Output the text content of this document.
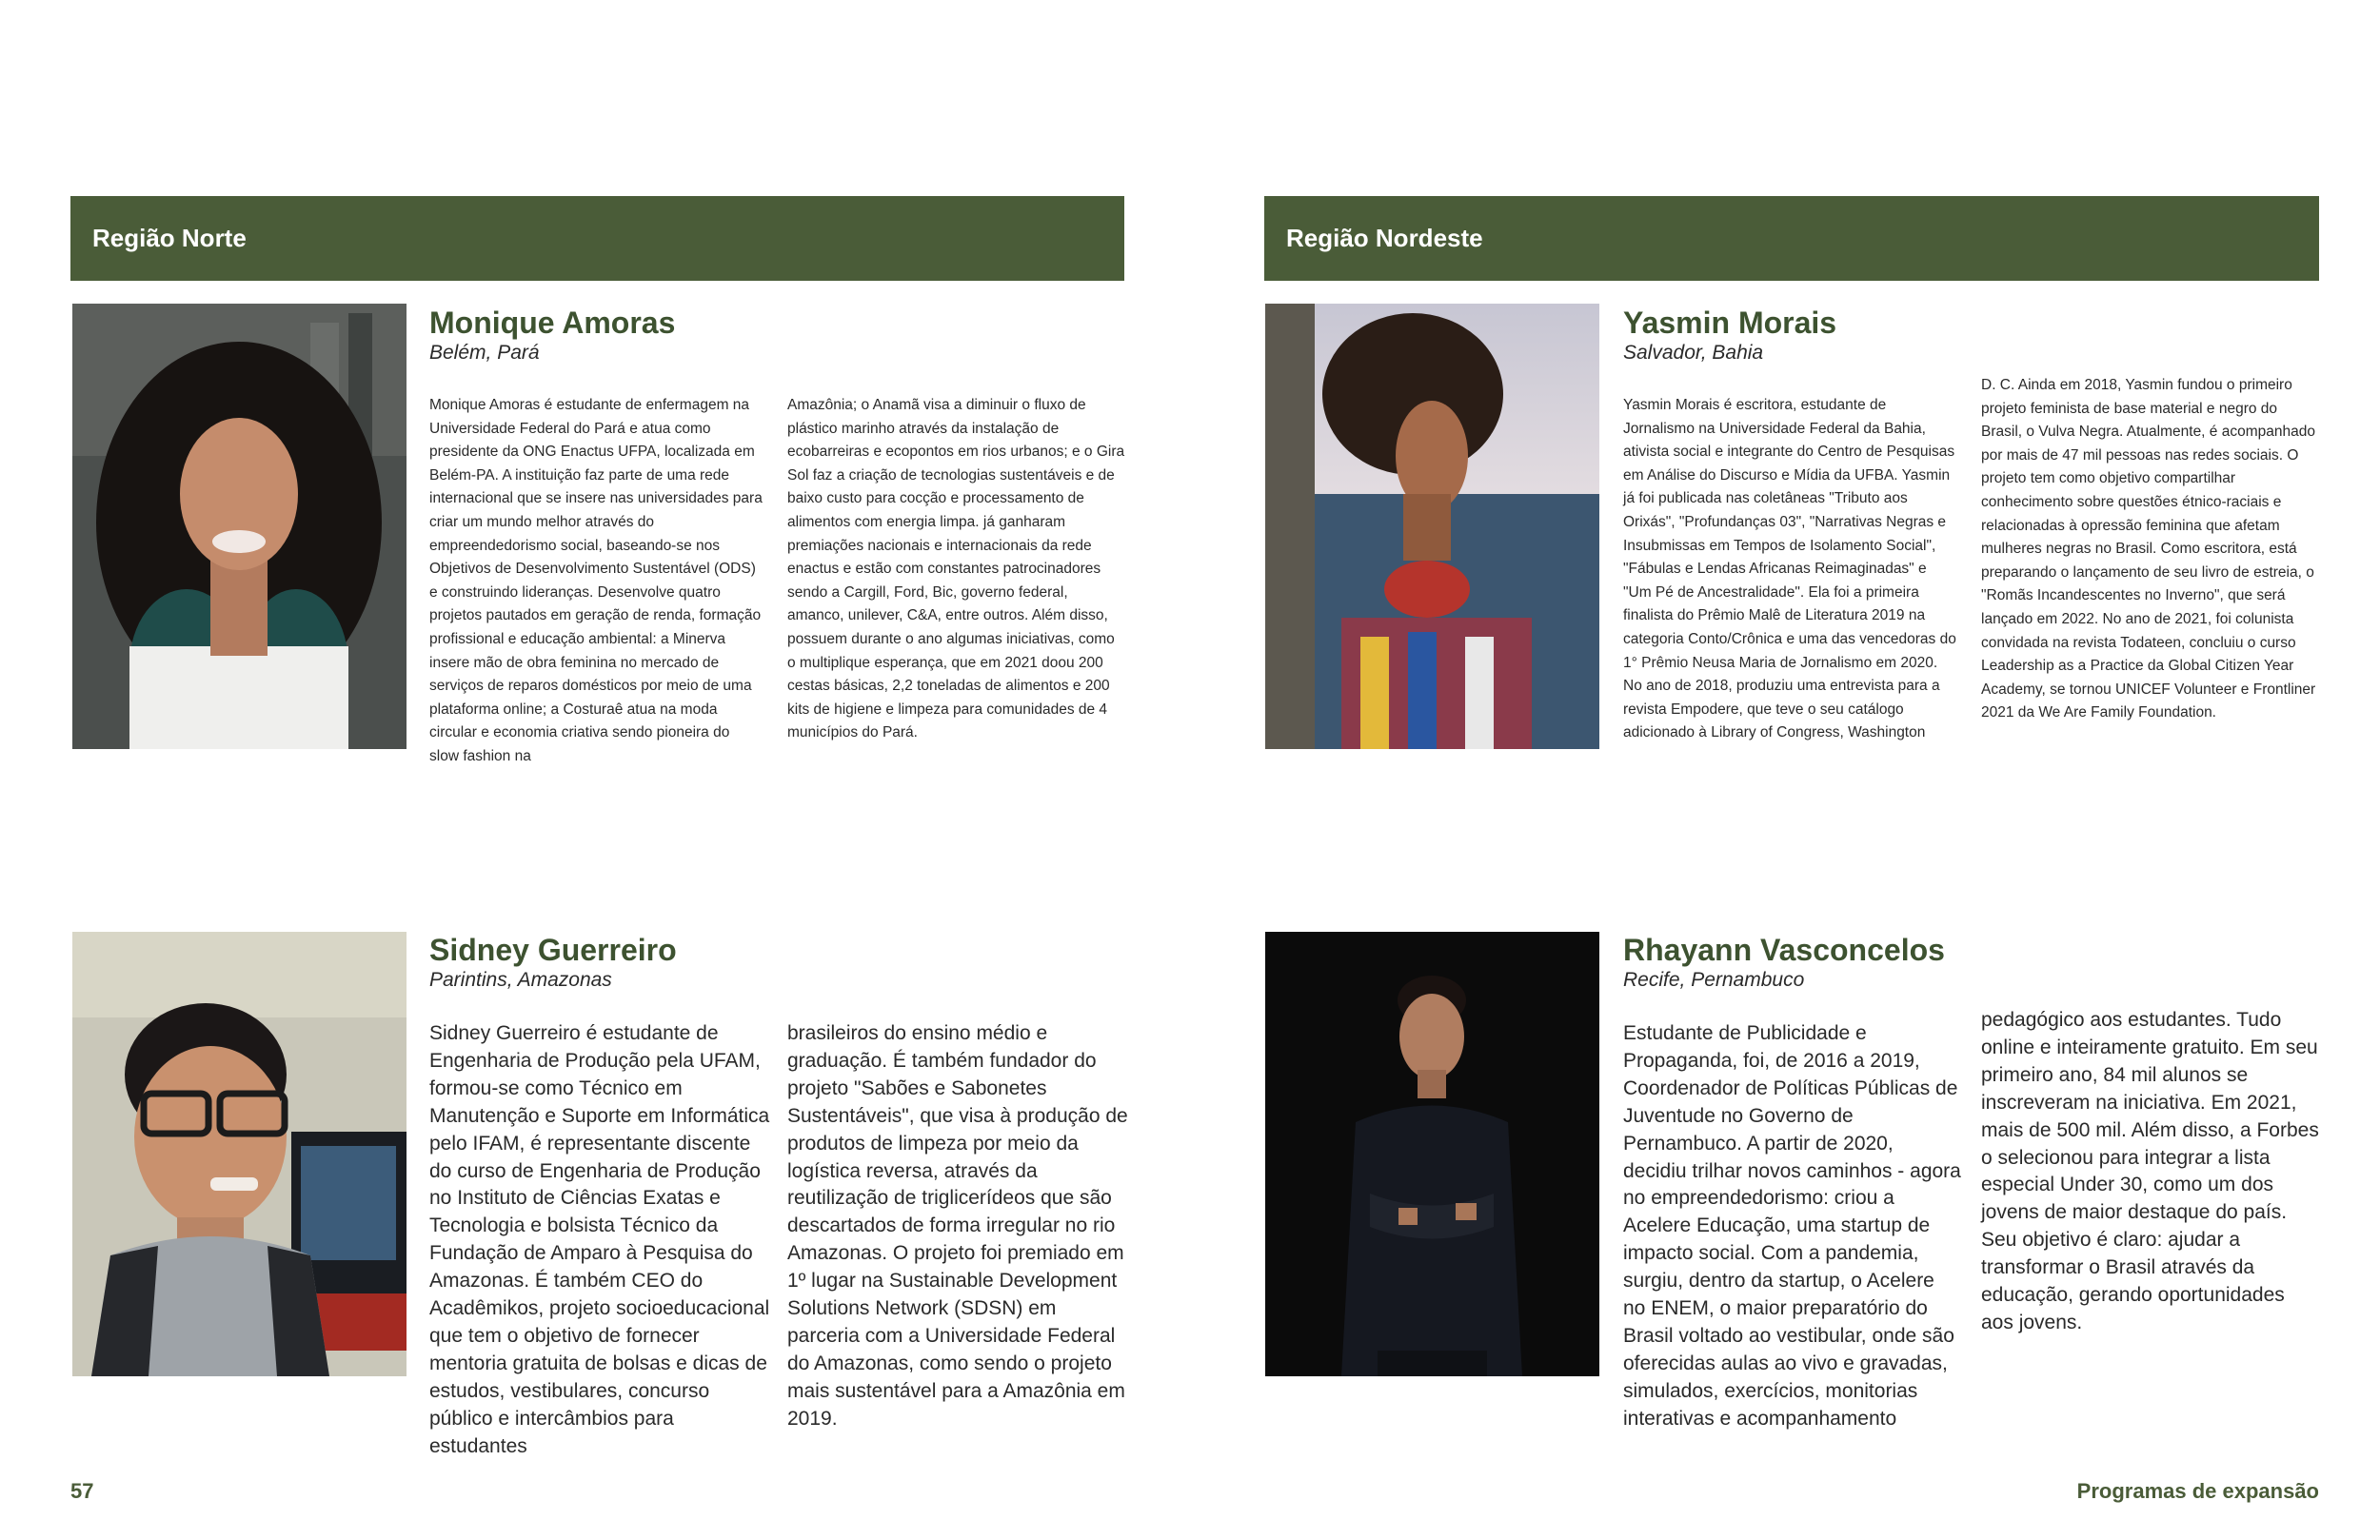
Região Norte	Região Nordeste
Monique Amoras
Belém, Pará
Monique Amoras é estudante de enfermagem na Universidade Federal do Pará e atua como presidente da ONG Enactus UFPA, localizada em Belém-PA. A instituição faz parte de uma rede internacional que se insere nas universidades para criar um mundo melhor através do empreendedorismo social, baseando-se nos Objetivos de Desenvolvimento Sustentável (ODS) e construindo lideranças. Desenvolve quatro projetos pautados em geração de renda, formação profissional e educação ambiental: a Minerva insere mão de obra feminina no mercado de serviços de reparos domésticos por meio de uma plataforma online; a Costuraê atua na moda circular e economia criativa sendo pioneira do slow fashion na
Amazônia; o Anamã visa a diminuir o fluxo de plástico marinho através da instalação de ecobarreiras e ecopontos em rios urbanos; e o Gira Sol faz a criação de tecnologias sustentáveis e de baixo custo para cocção e processamento de alimentos com energia limpa. já ganharam premiações nacionais e internacionais da rede enactus e estão com constantes patrocinadores sendo a Cargill, Ford, Bic, governo federal, amanco, unilever, C&A, entre outros. Além disso, possuem durante o ano algumas iniciativas, como o multiplique esperança, que em 2021 doou 200 cestas básicas, 2,2 toneladas de alimentos e 200 kits de higiene e limpeza para comunidades de 4 municípios do Pará.
Yasmin Morais
Salvador, Bahia
Yasmin Morais é escritora, estudante de Jornalismo na Universidade Federal da Bahia, ativista social e integrante do Centro de Pesquisas em Análise do Discurso e Mídia da UFBA. Yasmin já foi publicada nas coletâneas "Tributo aos Orixás", "Profundanças 03", "Narrativas Negras e Insubmissas em Tempos de Isolamento Social", "Fábulas e Lendas Africanas Reimaginadas" e "Um Pé de Ancestralidade". Ela foi a primeira finalista do Prêmio Malê de Literatura 2019 na categoria Conto/Crônica e uma das vencedoras do 1° Prêmio Neusa Maria de Jornalismo em 2020. No ano de 2018, produziu uma entrevista para a revista Empodere, que teve o seu catálogo adicionado à Library of Congress, Washington
D. C. Ainda em 2018, Yasmin fundou o primeiro projeto feminista de base material e negro do Brasil, o Vulva Negra. Atualmente, é acompanhado por mais de 47 mil pessoas nas redes sociais. O projeto tem como objetivo compartilhar conhecimento sobre questões étnico-raciais e relacionadas à opressão feminina que afetam mulheres negras no Brasil. Como escritora, está preparando o lançamento de seu livro de estreia, o "Romãs Incandescentes no Inverno", que será lançado em 2022. No ano de 2021, foi colunista convidada na revista Todateen, concluiu o curso Leadership as a Practice da Global Citizen Year Academy, se tornou UNICEF Volunteer e Frontliner 2021 da We Are Family Foundation.
Sidney Guerreiro
Parintins, Amazonas
Sidney Guerreiro é estudante de Engenharia de Produção pela UFAM, formou-se como Técnico em Manutenção e Suporte em Informática pelo IFAM, é representante discente do curso de Engenharia de Produção no Instituto de Ciências Exatas e Tecnologia e bolsista Técnico da Fundação de Amparo à Pesquisa do Amazonas. É também CEO do Acadêmikos, projeto socioeducacional que tem o objetivo de fornecer mentoria gratuita de bolsas e dicas de estudos, vestibulares, concurso público e intercâmbios para estudantes
brasileiros do ensino médio e graduação. É também fundador do projeto "Sabões e Sabonetes Sustentáveis", que visa à produção de produtos de limpeza por meio da logística reversa, através da reutilização de triglicerídeos que são descartados de forma irregular no rio Amazonas. O projeto foi premiado em 1º lugar na Sustainable Development Solutions Network (SDSN) em parceria com a Universidade Federal do Amazonas, como sendo o projeto mais sustentável para a Amazônia em 2019.
Rhayann Vasconcelos
Recife, Pernambuco
Estudante de Publicidade e Propaganda, foi, de 2016 a 2019, Coordenador de Políticas Públicas de Juventude no Governo de Pernambuco. A partir de 2020, decidiu trilhar novos caminhos - agora no empreendedorismo: criou a Acelere Educação, uma startup de impacto social. Com a pandemia, surgiu, dentro da startup, o Acelere no ENEM, o maior preparatório do Brasil voltado ao vestibular, onde são oferecidas aulas ao vivo e gravadas, simulados, exercícios, monitorias interativas e acompanhamento
pedagógico aos estudantes. Tudo online e inteiramente gratuito. Em seu primeiro ano, 84 mil alunos se inscreveram na iniciativa. Em 2021, mais de 500 mil. Além disso, a Forbes o selecionou para integrar a lista especial Under 30, como um dos jovens de maior destaque do país. Seu objetivo é claro: ajudar a transformar o Brasil através da educação, gerando oportunidades aos jovens.
57	Programas de expansão
